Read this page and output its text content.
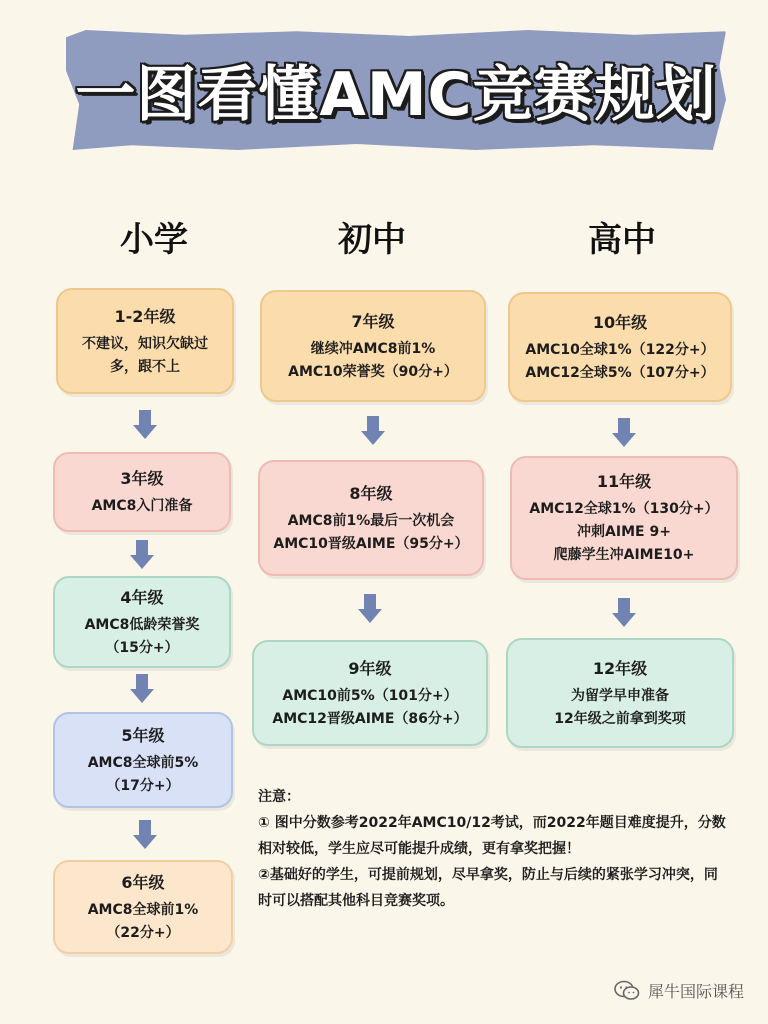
一图看懂AMC竞赛规划
小学	初中	高中
1-2年级
不建议，知识欠缺过
多，跟不上
3年级
AMC8入门准备
4年级
AMC8低龄荣誉奖
（15分+）
5年级
AMC8全球前5%
（17分+）
6年级
AMC8全球前1%
（22分+）
7年级
继续冲AMC8前1%
AMC10荣誉奖（90分+）
8年级
AMC8前1%最后一次机会
AMC10晋级AIME（95分+）
9年级
AMC10前5%（101分+）
AMC12晋级AIME（86分+）
10年级
AMC10全球1%（122分+）
AMC12全球5%（107分+）
11年级
AMC12全球1%（130分+）
冲刺AIME 9+
爬藤学生冲AIME10+
12年级
为留学早申准备
12年级之前拿到奖项

注意：

① 图中分数参考2022年AMC10/12考试，而2022年题目难度提升，分数相对较低，学生应尽可能提升成绩，更有拿奖把握！

②基础好的学生，可提前规划，尽早拿奖，防止与后续的紧张学习冲突，同时可以搭配其他科目竞赛奖项。

犀牛国际课程
